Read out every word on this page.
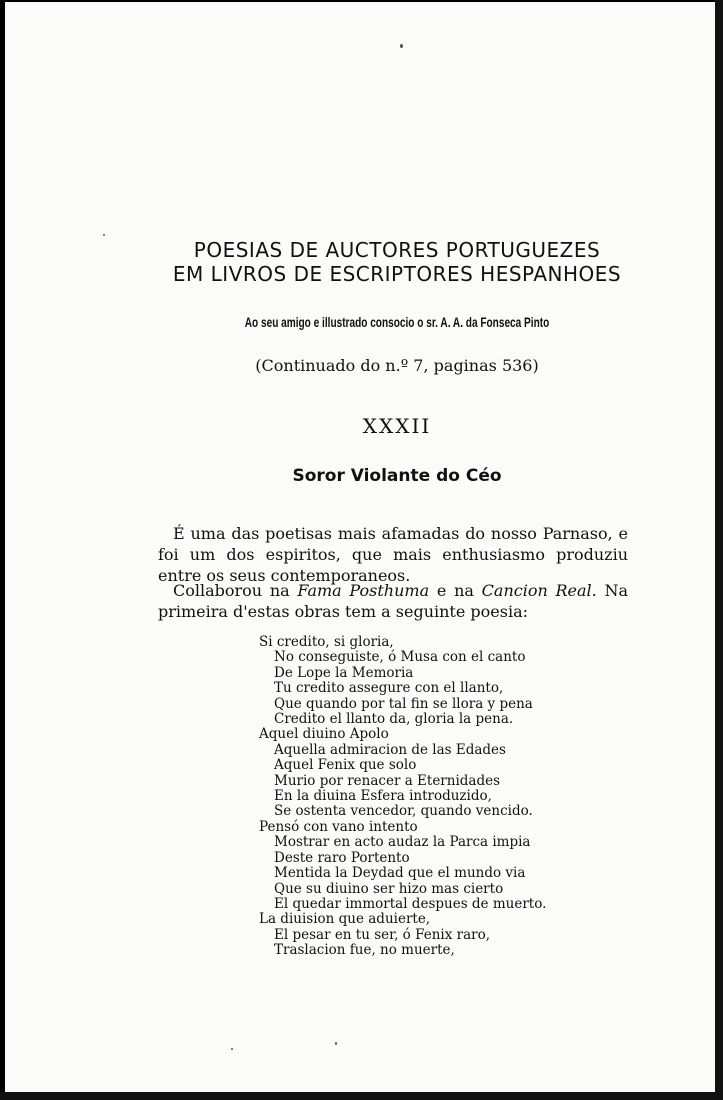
POESIAS DE AUCTORES PORTUGUEZES
EM LIVROS DE ESCRIPTORES HESPANHOES
Ao seu amigo e illustrado consocio o sr. A. A. da Fonseca Pinto
(Continuado do n.º 7, paginas 536)
XXXII
Soror Violante do Céo

É uma das poetisas mais afamadas do nosso Parnaso, e foi um dos espiritos, que mais enthusiasmo produziu entre os seus contemporaneos.

Collaborou na Fama Posthuma e na Cancion Real. Na primeira d'estas obras tem a seguinte poesia:

Si credito, si gloria,
No conseguiste, ó Musa con el canto
De Lope la Memoria
Tu credito assegure con el llanto,
Que quando por tal fin se llora y pena
Credito el llanto da, gloria la pena.
Aquel diuino Apolo
Aquella admiracion de las Edades
Aquel Fenix que solo
Murio por renacer a Eternidades
En la diuina Esfera introduzido,
Se ostenta vencedor, quando vencido.
Pensó con vano intento
Mostrar en acto audaz la Parca impia
Deste raro Portento
Mentida la Deydad que el mundo via
Que su diuino ser hizo mas cierto
El quedar immortal despues de muerto.
La diuision que aduierte,
El pesar en tu ser, ó Fenix raro,
Traslacion fue, no muerte,
